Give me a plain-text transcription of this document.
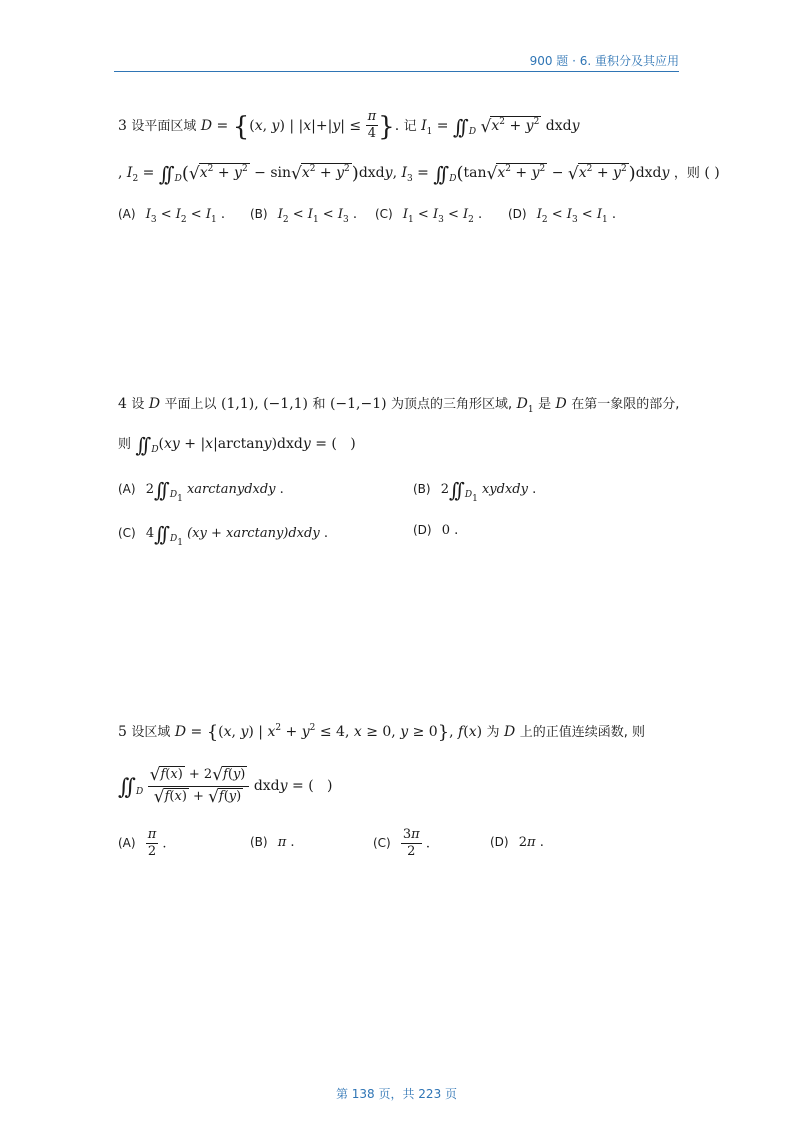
900 题 · 6. 重积分及其应用
3 设平面区域 D = {(x, y) | $|x|+|y| \le \frac{\pi}{4}$ }. 记 $I_1$ = ∫∫ $_D$ $√x^2 + y^2$ dxdy
, $I_2$ = ∫∫ $_D(√x^2 + y^2 - \sin√x^2 + y^2$ )dxdy, $I_3$ = ∫∫ $_D(\tan√x^2 + y^2 - √x^2 + y^2$ )dxdy ，则 ( )
(A) $I_3 < I_2 < I_1$ . (B) $I_2 < I_1 < I_3$ . (C) $I_1 < I_3 < I_2$ . (D) $I_2 < I_3 < I_1$ .
4 设 D 平面上以 (1,1), (−1,1) 和 (−1,−1) 为顶点的三角形区域, $D_1$ 是 D 在第一象限的部分,
则 ∫∫ $_D$(xy + |x|arctany)dxdy = (   )
(A) 2∫∫ $_{D_1}$ xarctanydxdy .	(B) 2∫∫ $_{D_1}$ xydxdy .
(C) 4∫∫ $_{D_1}$ (xy + xarctany)dxdy .	(D) 0 .
5 设区域 D = {(x, y) | $x^2 + y^2 \le 4$, x ≥ 0, y ≥ 0}, f(x) 为 D 上的正值连续函数, 则
∫∫ $_D \frac{√f(x) + 2√f(y)}{√f(x) + √f(y)}$ dxdy = (   )
$(A) \frac{\pi}{2}$ .	(B) π .	$(C) \frac{3\pi}{2}$ .	(D) 2π .
第 138 页，共 223 页
